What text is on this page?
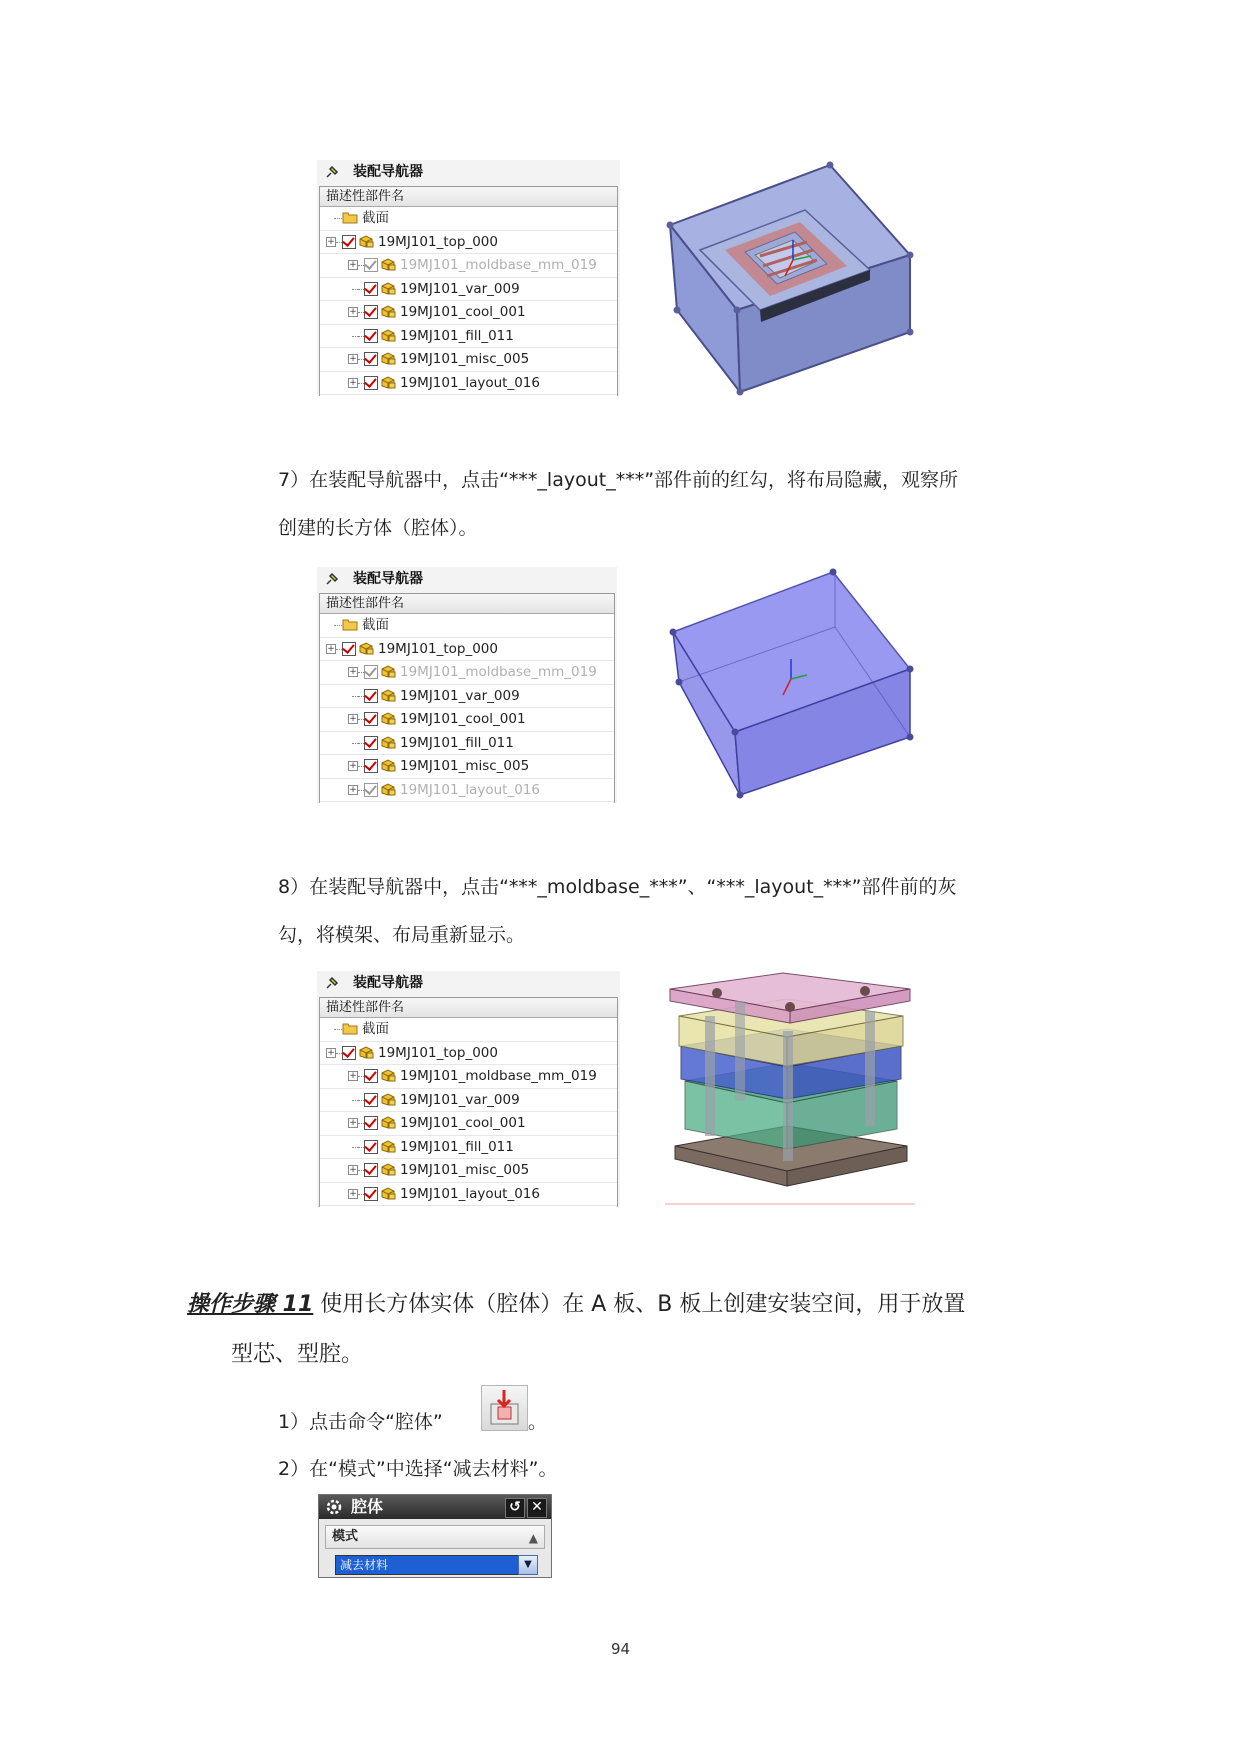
装配导航器
描述性部件名
截面
+	19MJ101_top_000
+	19MJ101_moldbase_mm_019
19MJ101_var_009
+	19MJ101_cool_001
19MJ101_fill_011
+	19MJ101_misc_005
+	19MJ101_layout_016
7）在装配导航器中，点击“***_layout_***”部件前的红勾，将布局隐藏，观察所
创建的长方体（腔体）。
装配导航器
描述性部件名
截面
+	19MJ101_top_000
+	19MJ101_moldbase_mm_019
19MJ101_var_009
+	19MJ101_cool_001
19MJ101_fill_011
+	19MJ101_misc_005
+	19MJ101_layout_016
8）在装配导航器中，点击“***_moldbase_***”、“***_layout_***”部件前的灰
勾，将模架、布局重新显示。
装配导航器
描述性部件名
截面
+	19MJ101_top_000
+	19MJ101_moldbase_mm_019
19MJ101_var_009
+	19MJ101_cool_001
19MJ101_fill_011
+	19MJ101_misc_005
+	19MJ101_layout_016
操作步骤 11 使用长方体实体（腔体）在 A 板、B 板上创建安装空间，用于放置
型芯、型腔。
1）点击命令“腔体”	。
2）在“模式”中选择“减去材料”。
腔体	↺ ✕
模式	▲
减去材料	▼
94
